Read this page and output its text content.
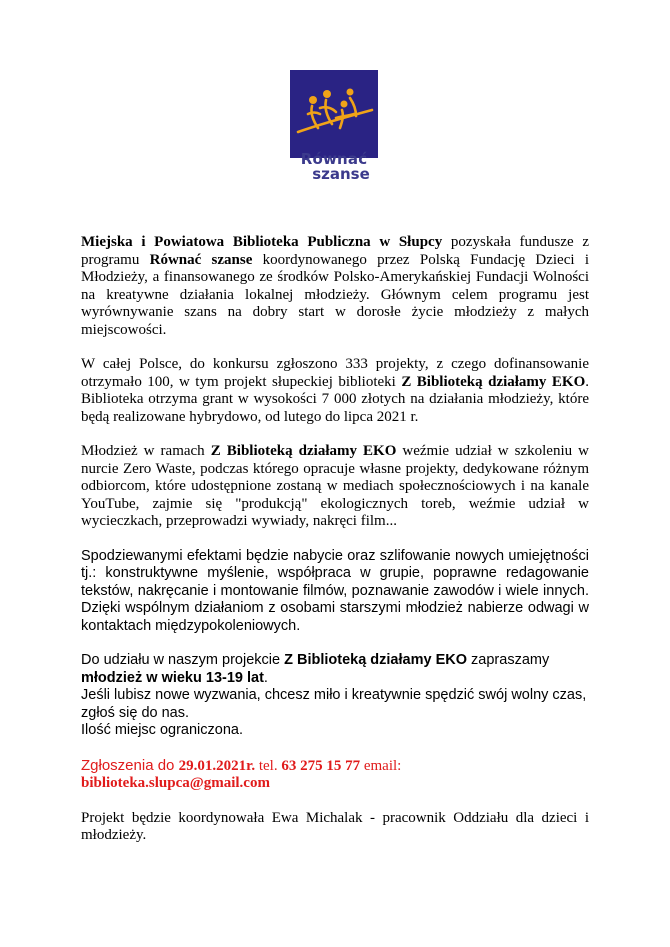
Równać
szanse

Miejska i Powiatowa Biblioteka Publiczna w Słupcy pozyskała fundusze z programu Równać szanse koordynowanego przez Polską Fundację Dzieci i Młodzieży, a finansowanego ze środków Polsko-Amerykańskiej Fundacji Wolności na kreatywne działania lokalnej młodzieży. Głównym celem programu jest wyrównywanie szans na dobry start w dorosłe życie młodzieży z małych miejscowości.

W całej Polsce, do konkursu zgłoszono 333 projekty, z czego dofinansowanie otrzymało 100, w tym projekt słupeckiej biblioteki Z Biblioteką działamy EKO. Biblioteka otrzyma grant w wysokości 7 000 złotych na działania młodzieży, które będą realizowane hybrydowo, od lutego do lipca 2021 r.

Młodzież w ramach Z Biblioteką działamy EKO weźmie udział w szkoleniu w nurcie Zero Waste, podczas którego opracuje własne projekty, dedykowane różnym odbiorcom, które udostępnione zostaną w mediach społecznościowych i na kanale YouTube, zajmie się "produkcją" ekologicznych toreb, weźmie udział w wycieczkach, przeprowadzi wywiady, nakręci film...

Spodziewanymi efektami będzie nabycie oraz szlifowanie nowych umiejętności tj.: konstruktywne myślenie, współpraca w grupie, poprawne redagowanie tekstów, nakręcanie i montowanie filmów, poznawanie zawodów i wiele innych. Dzięki wspólnym działaniom z osobami starszymi młodzież nabierze odwagi w kontaktach międzypokoleniowych.

Do udziału w naszym projekcie Z Biblioteką działamy EKO zapraszamy
młodzież w wieku 13-19 lat.
Jeśli lubisz nowe wyzwania, chcesz miło i kreatywnie spędzić swój wolny czas,
zgłoś się do nas.
Ilość miejsc ograniczona.

Zgłoszenia do 29.01.2021r. tel. 63 275 15 77 email:
biblioteka.slupca@gmail.com

Projekt będzie koordynowała Ewa Michalak - pracownik Oddziału dla dzieci i młodzieży.
